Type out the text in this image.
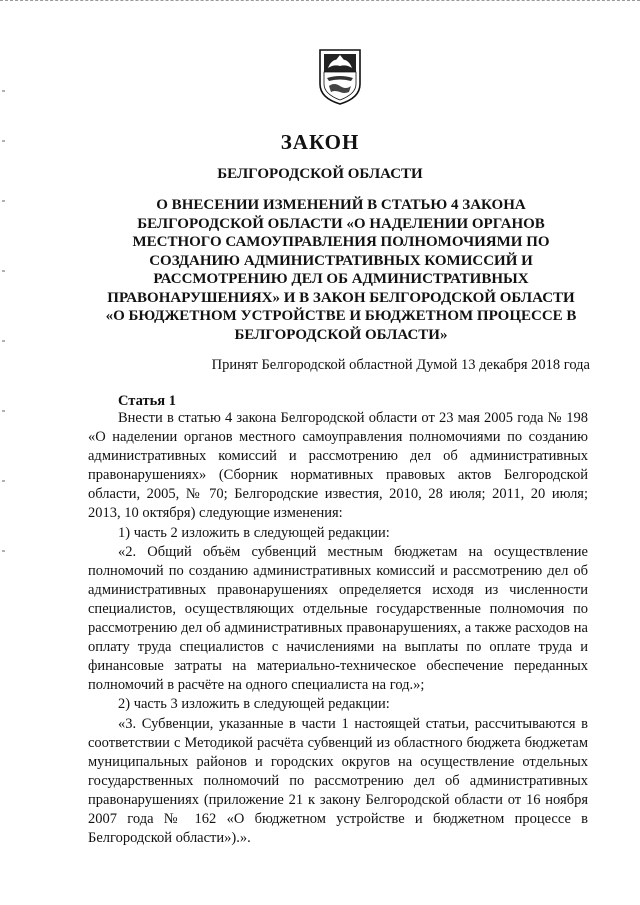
ЗАКОН
БЕЛГОРОДСКОЙ ОБЛАСТИ
О ВНЕСЕНИИ ИЗМЕНЕНИЙ В СТАТЬЮ 4 ЗАКОНА
БЕЛГОРОДСКОЙ ОБЛАСТИ «О НАДЕЛЕНИИ ОРГАНОВ
МЕСТНОГО САМОУПРАВЛЕНИЯ ПОЛНОМОЧИЯМИ ПО
СОЗДАНИЮ АДМИНИСТРАТИВНЫХ КОМИССИЙ И
РАССМОТРЕНИЮ ДЕЛ ОБ АДМИНИСТРАТИВНЫХ
ПРАВОНАРУШЕНИЯХ» И В ЗАКОН БЕЛГОРОДСКОЙ ОБЛАСТИ
«О БЮДЖЕТНОМ УСТРОЙСТВЕ И БЮДЖЕТНОМ ПРОЦЕССЕ В
БЕЛГОРОДСКОЙ ОБЛАСТИ»
Принят Белгородской областной Думой 13 декабря 2018 года
Статья 1

Внести в статью 4 закона Белгородской области от 23 мая 2005 года № 198 «О наделении органов местного самоуправления полномочиями по созданию административных комиссий и рассмотрению дел об административных правонарушениях» (Сборник нормативных правовых актов Белгородской области, 2005, № 70; Белгородские известия, 2010, 28 июля; 2011, 20 июля; 2013, 10 октября) следующие изменения:

1) часть 2 изложить в следующей редакции:

«2. Общий объём субвенций местным бюджетам на осуществление полномочий по созданию административных комиссий и рассмотрению дел об административных правонарушениях определяется исходя из численности специалистов, осуществляющих отдельные государственные полномочия по рассмотрению дел об административных правонарушениях, а также расходов на оплату труда специалистов с начислениями на выплаты по оплате труда и финансовые затраты на материально-техническое обеспечение переданных полномочий в расчёте на одного специалиста на год.»;

2) часть 3 изложить в следующей редакции:

«3. Субвенции, указанные в части 1 настоящей статьи, рассчитываются в соответствии с Методикой расчёта субвенций из областного бюджета бюджетам муниципальных районов и городских округов на осуществление отдельных государственных полномочий по рассмотрению дел об административных правонарушениях (приложение 21 к закону Белгородской области от 16 ноября 2007 года № 162 «О бюджетном устройстве и бюджетном процессе в Белгородской области»).».
